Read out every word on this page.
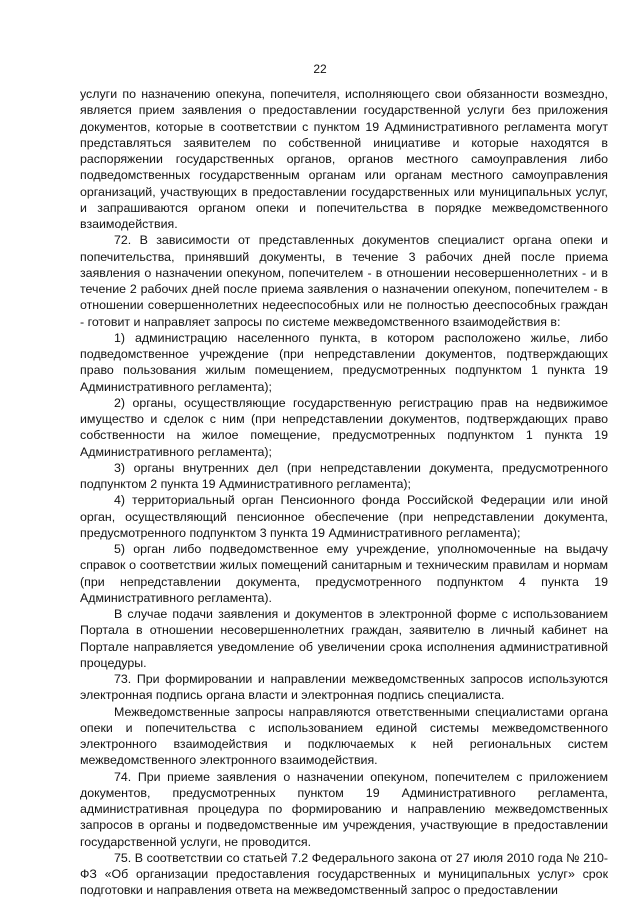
22

услуги по назначению опекуна, попечителя, исполняющего свои обязанности возмездно, является прием заявления о предоставлении государственной услуги без приложения документов, которые в соответствии с пунктом 19 Административного регламента могут представляться заявителем по собственной инициативе и которые находятся в распоряжении государственных органов, органов местного самоуправления либо подведомственных государственным органам или органам местного самоуправления организаций, участвующих в предоставлении государственных или муниципальных услуг, и запрашиваются органом опеки и попечительства в порядке межведомственного взаимодействия.

72. В зависимости от представленных документов специалист органа опеки и попечительства, принявший документы, в течение 3 рабочих дней после приема заявления о назначении опекуном, попечителем - в отношении несовершеннолетних - и в течение 2 рабочих дней после приема заявления о назначении опекуном, попечителем - в отношении совершеннолетних недееспособных или не полностью дееспособных граждан - готовит и направляет запросы по системе межведомственного взаимодействия в:

1) администрацию населенного пункта, в котором расположено жилье, либо подведомственное учреждение (при непредставлении документов, подтверждающих право пользования жилым помещением, предусмотренных подпунктом 1 пункта 19 Административного регламента);

2) органы, осуществляющие государственную регистрацию прав на недвижимое имущество и сделок с ним (при непредставлении документов, подтверждающих право собственности на жилое помещение, предусмотренных подпунктом 1 пункта 19 Административного регламента);

3) органы внутренних дел (при непредставлении документа, предусмотренного подпунктом 2 пункта 19 Административного регламента);

4) территориальный орган Пенсионного фонда Российской Федерации или иной орган, осуществляющий пенсионное обеспечение (при непредставлении документа, предусмотренного подпунктом 3 пункта 19 Административного регламента);

5) орган либо подведомственное ему учреждение, уполномоченные на выдачу справок о соответствии жилых помещений санитарным и техническим правилам и нормам (при непредставлении документа, предусмотренного подпунктом 4 пункта 19 Административного регламента).

В случае подачи заявления и документов в электронной форме с использованием Портала в отношении несовершеннолетних граждан, заявителю в личный кабинет на Портале направляется уведомление об увеличении срока исполнения административной процедуры.

73. При формировании и направлении межведомственных запросов используются электронная подпись органа власти и электронная подпись специалиста.

Межведомственные запросы направляются ответственными специалистами органа опеки и попечительства с использованием единой системы межведомственного электронного взаимодействия и подключаемых к ней региональных систем межведомственного электронного взаимодействия.

74. При приеме заявления о назначении опекуном, попечителем с приложением документов, предусмотренных пунктом 19 Административного регламента, административная процедура по формированию и направлению межведомственных запросов в органы и подведомственные им учреждения, участвующие в предоставлении государственной услуги, не проводится.

75. В соответствии со статьей 7.2 Федерального закона от 27 июля 2010 года № 210-ФЗ «Об организации предоставления государственных и муниципальных услуг» срок подготовки и направления ответа на межведомственный запрос о предоставлении
